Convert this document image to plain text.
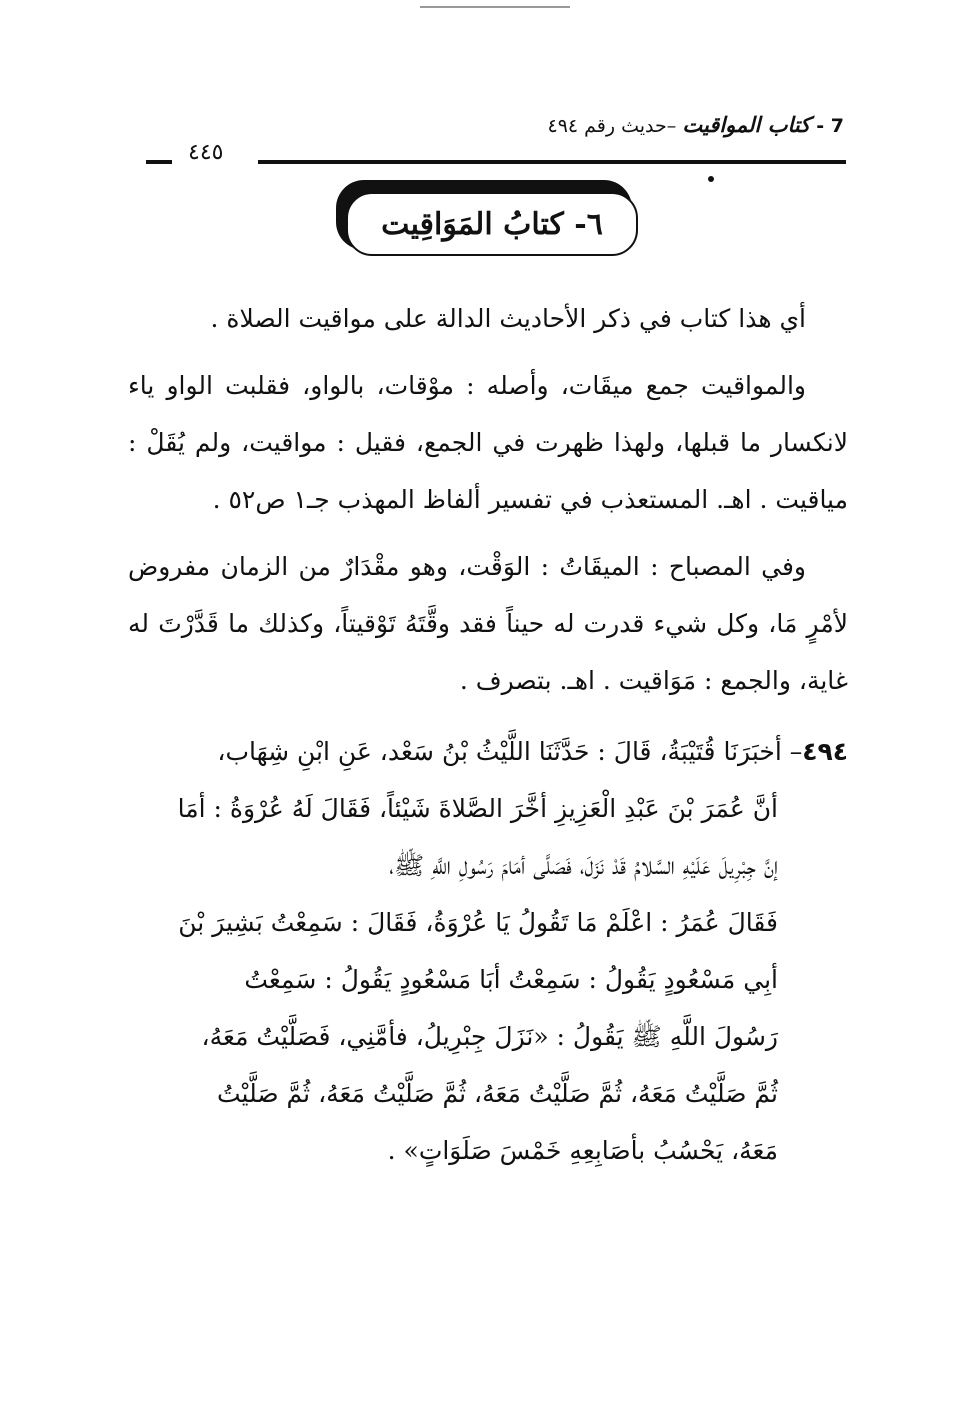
7 - كتاب المواقيت –حديث رقم ٤٩٤
٤٤٥
٦- كتابُ المَوَاقِيت

أي هذا كتاب في ذكر الأحاديث الدالة على مواقيت الصلاة .

والمواقيت جمع ميقَات، وأصله : موْقات، بالواو، فقلبت الواو ياء لانكسار ما قبلها، ولهذا ظهرت في الجمع، فقيل : مواقيت، ولم يُقَلْ : مياقيت . اهـ. المستعذب في تفسير ألفاظ المهذب جـ١ ص٥٢ .

وفي المصباح : الميقَاتُ : الوَقْت، وهو مقْدَارٌ من الزمان مفروض لأمْرٍ مَا، وكل شيء قدرت له حيناً فقد وقَّتَهُ تَوْقيتاً، وكذلك ما قَدَّرْتَ له غاية، والجمع : مَوَاقيت . اهـ. بتصرف .

٤٩٤– أخبَرَنَا قُتَيْبَةُ، قَالَ : حَدَّثَنَا اللَّيْثُ بْنُ سَعْد، عَنِ ابْنِ شِهَاب،

أنَّ عُمَرَ بْنَ عَبْدِ الْعَزِيزِ أخَّرَ الصَّلاةَ شَيْئاً، فَقَالَ لَهُ عُرْوَةُ : أمَا

إنَّ جِبْرِيلَ عَلَيْهِ السَّلامُ قَدْ نَزَلَ، فَصَلَّى أمَامَ رَسُولِ اللَّهِ ﷺ،

فَقَالَ عُمَرُ : اعْلَمْ مَا تَقُولُ يَا عُرْوَةُ، فَقَالَ : سَمِعْتُ بَشِيرَ بْنَ

أبِي مَسْعُودٍ يَقُولُ : سَمِعْتُ أبَا مَسْعُودٍ يَقُولُ : سَمِعْتُ

رَسُولَ اللَّهِ ﷺ يَقُولُ : «نَزَلَ جِبْرِيلُ، فأمَّنِي، فَصَلَّيْتُ مَعَهُ،

ثُمَّ صَلَّيْتُ مَعَهُ، ثُمَّ صَلَّيْتُ مَعَهُ، ثُمَّ صَلَّيْتُ مَعَهُ، ثُمَّ صَلَّيْتُ

مَعَهُ، يَحْسُبُ بأصَابِعِهِ خَمْسَ صَلَوَاتٍ» .
